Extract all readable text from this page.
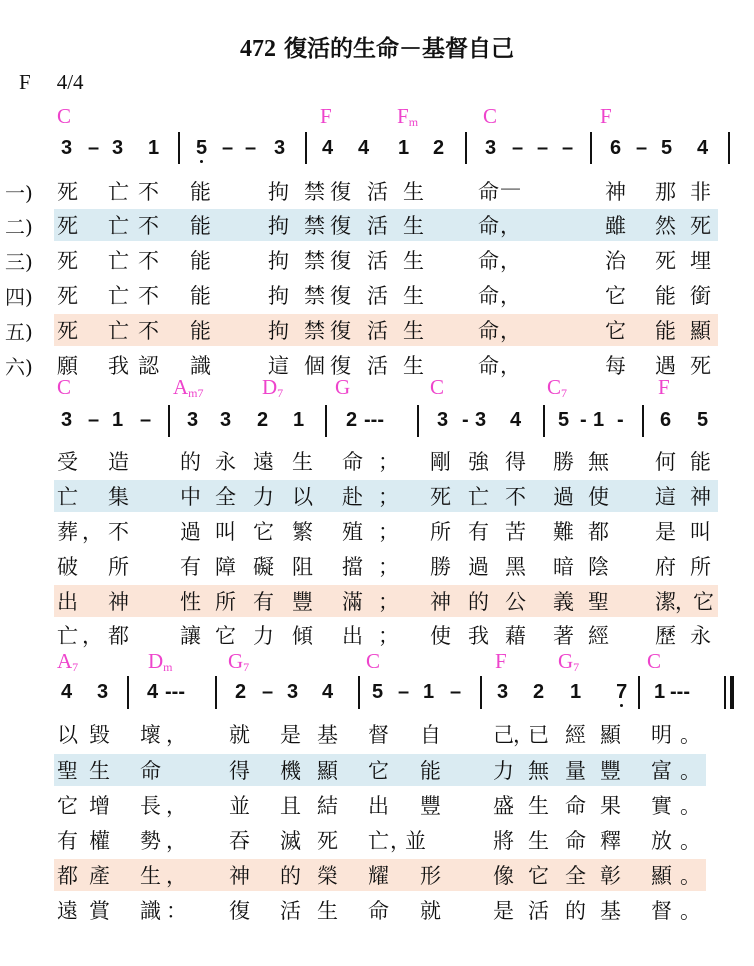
472 復活的生命－基督自己
F 4/4
C	F	$F_m$	C	F
3 – 3 1 5 – – 3 4 4 1 2 3 – – – 6 – 5 4
一) 死 亡 不 能	拘 禁 復 活 生	命 —	神 那 非
二) 死 亡 不 能	拘 禁 復 活 生	命 ，	雖 然 死
三) 死 亡 不 能	拘 禁 復 活 生	命 ，	治 死 埋
四) 死 亡 不 能	拘 禁 復 活 生	命 ，	它 能 銜
五) 死 亡 不 能	拘 禁 復 活 生	命 ，	它 能 顯
六) 願 我 認 識	這 個 復 活 生	命 ，	每 遇 死
C	$A_{m7}$	$D_7$ G	C	$C_7$	F
3 – 1 – 3 3 2 1 2 ---	3 - 3 4 5 - 1 - 6 5
受 造 的 永 遠 生 命 ； 剛 強 得 勝 無 何 能
亡 集 中 全 力 以 赴 ； 死 亡 不 過 使 這 神
葬 ， 不 過 叫 它 繁 殖 ； 所 有 苦 難 都 是 叫
破 所 有 障 礙 阻 擋 ； 勝 過 黑 暗 陰 府 所
出 神 性 所 有 豐 滿 ； 神 的 公 義 聖 潔 ，
它
亡 ， 都 讓 它 力 傾 出 ； 使 我 藉 著 經 歷 永
$A_7$	$D_m$	$G_7$	C	F $G_7$	C
4 3 4 ---	2 – 3 4 5 – 1 – 3 2 1 7 1 ---
以 毀 壞 ， 就 是 基 督 自 己 ，
已 經 顯 明 。
聖 生 命	得 機 顯 它 能 力 無 量 豐 富 。
它 增 長 ， 並 且 結 出 豐 盛 生 命 果 實 。
有 權 勢 ， 吞 滅 死 亡 ，
並	將 生 命 釋 放 。
都 產 生 ， 神 的 榮 耀 形 像 它 全 彰 顯 。
遠 賞 識 ： 復 活 生 命 就 是 活 的 基 督 。
